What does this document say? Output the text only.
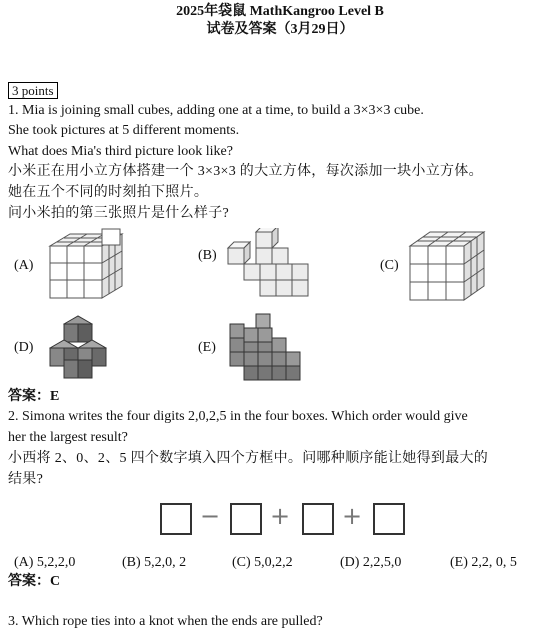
2025年袋鼠 MathKangroo Level B
试卷及答案（3月29日）
3 points
1. Mia is joining small cubes, adding one at a time, to build a 3×3×3 cube.
She took pictures at 5 different moments.
What does Mia's third picture look like?
小米正在用小立方体搭建一个 3×3×3 的大立方体，每次添加一块小立方体。
她在五个不同的时刻拍下照片。
问小米拍的第三张照片是什么样子?
(A)
(B)
(C)
(D)	(E)
答案：E
2. Simona writes the four digits 2,0,2,5 in the four boxes. Which order would give
her the largest result?
小西将 2、0、2、5 四个数字填入四个方框中。问哪种顺序能让她得到最大的
结果?
− + +
(A) 5,2,2,0	(B) 5,2,0, 2	(C) 5,0,2,2	(D) 2,2,5,0	(E) 2,2, 0, 5
答案：C
3. Which rope ties into a knot when the ends are pulled?
